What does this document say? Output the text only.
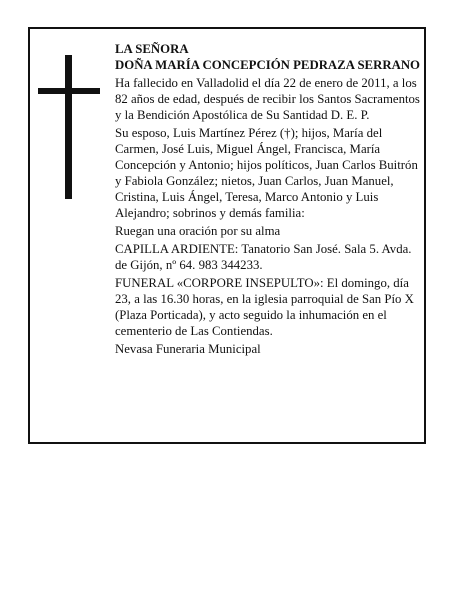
LA SEÑORA

DOÑA MARÍA CONCEPCIÓN PEDRAZA SERRANO

Ha fallecido en Valladolid el día 22 de enero de 2011, a los 82 años de edad, después de recibir los Santos Sacramentos y la Bendición Apostólica de Su Santidad D. E. P.

Su esposo, Luis Martínez Pérez (†); hijos, María del Carmen, José Luis, Miguel Ángel, Francisca, María Concepción y Antonio; hijos políticos, Juan Carlos Buitrón y Fabiola González; nietos, Juan Carlos, Juan Manuel, Cristina, Luis Ángel, Teresa, Marco Antonio y Luis Alejandro; sobrinos y demás familia:

Ruegan una oración por su alma

CAPILLA ARDIENTE: Tanatorio San José. Sala 5. Avda. de Gijón, nº 64. 983 344233.

FUNERAL «CORPORE INSEPULTO»: El domingo, día 23, a las 16.30 horas, en la iglesia parroquial de San Pío X (Plaza Porticada), y acto seguido la inhumación en el cementerio de Las Contiendas.

Nevasa Funeraria Municipal
